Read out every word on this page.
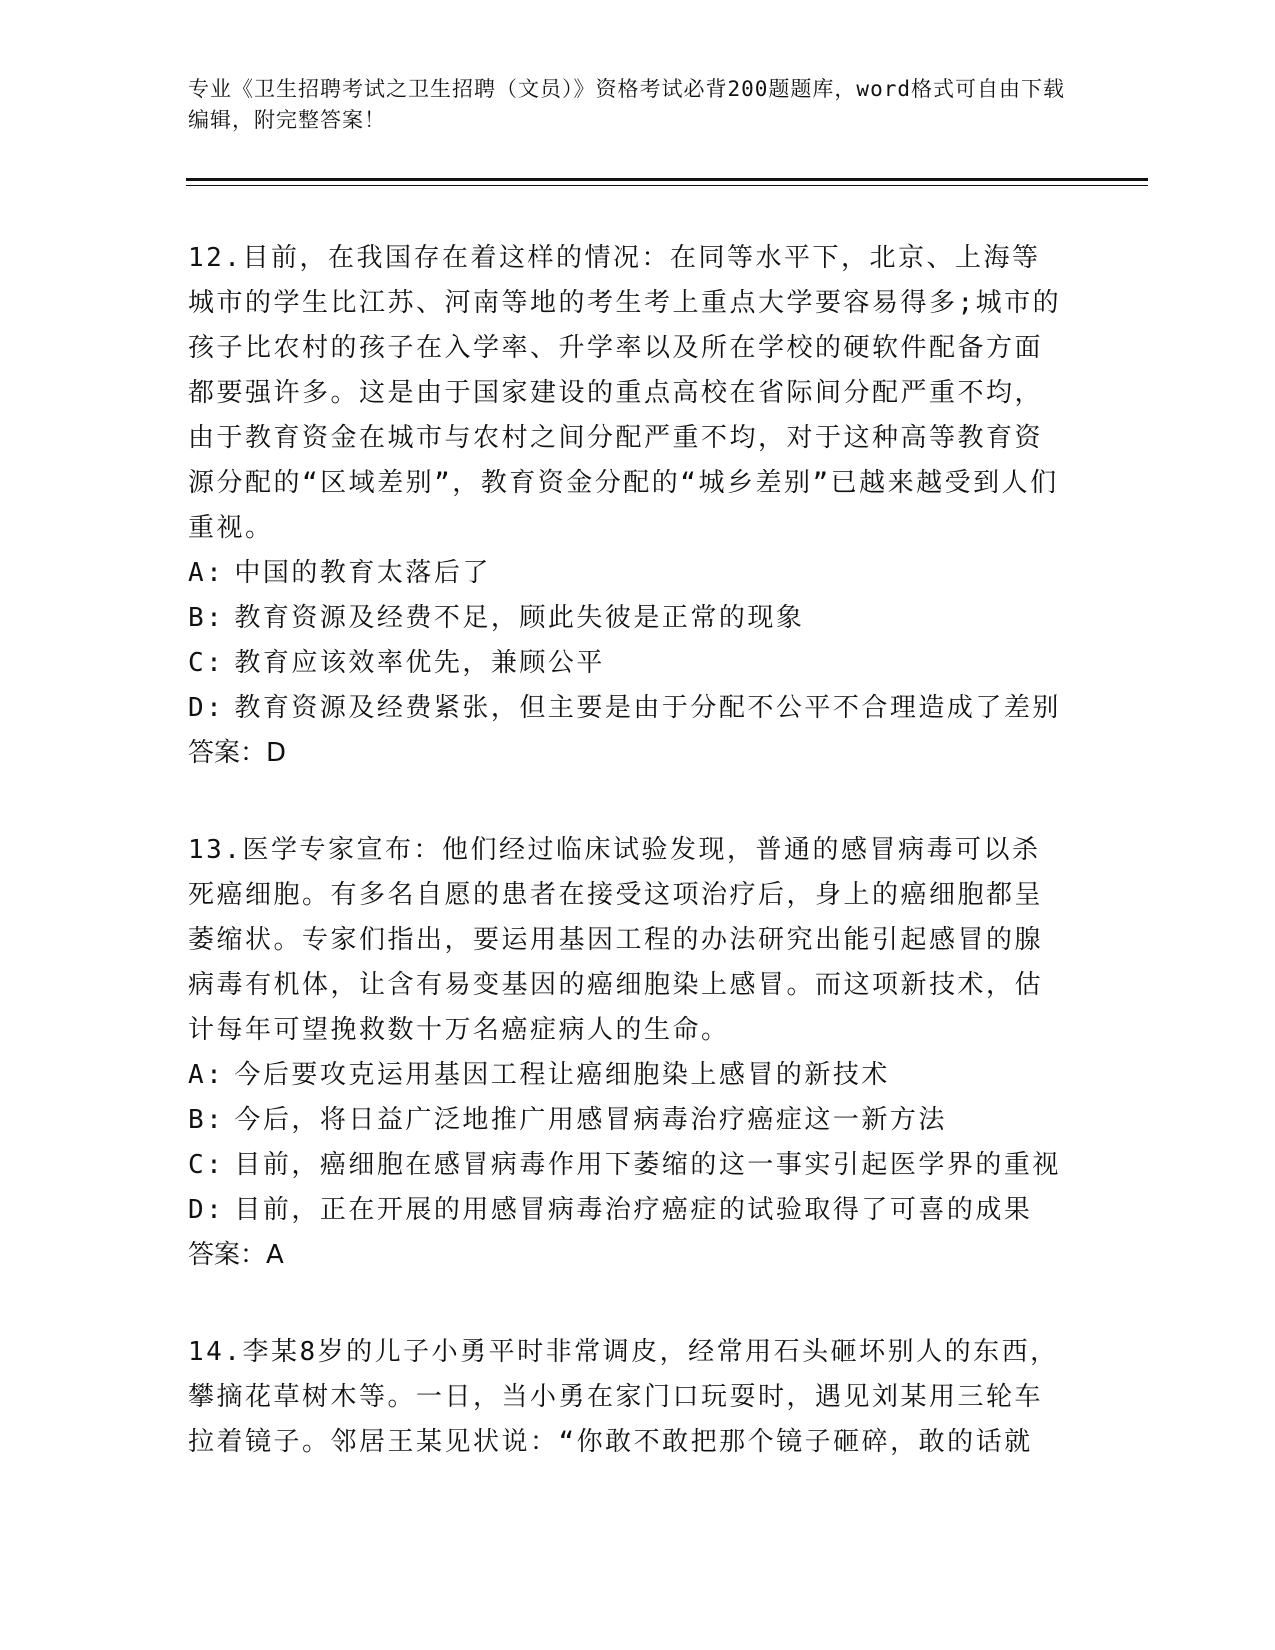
专业《卫生招聘考试之卫生招聘（文员）》资格考试必背200题题库，word格式可自由下载编辑，附完整答案！
12.目前，在我国存在着这样的情况：在同等水平下，北京、上海等城市的学生比江苏、河南等地的考生考上重点大学要容易得多;城市的孩子比农村的孩子在入学率、升学率以及所在学校的硬软件配备方面都要强许多。这是由于国家建设的重点高校在省际间分配严重不均，由于教育资金在城市与农村之间分配严重不均，对于这种高等教育资源分配的“区域差别”，教育资金分配的“城乡差别”已越来越受到人们重视。
A: 中国的教育太落后了
B: 教育资源及经费不足，顾此失彼是正常的现象
C: 教育应该效率优先，兼顾公平
D: 教育资源及经费紧张，但主要是由于分配不公平不合理造成了差别
答案：D
13.医学专家宣布：他们经过临床试验发现，普通的感冒病毒可以杀死癌细胞。有多名自愿的患者在接受这项治疗后，身上的癌细胞都呈萎缩状。专家们指出，要运用基因工程的办法研究出能引起感冒的腺病毒有机体，让含有易变基因的癌细胞染上感冒。而这项新技术，估计每年可望挽救数十万名癌症病人的生命。
A: 今后要攻克运用基因工程让癌细胞染上感冒的新技术
B: 今后，将日益广泛地推广用感冒病毒治疗癌症这一新方法
C: 目前，癌细胞在感冒病毒作用下萎缩的这一事实引起医学界的重视
D: 目前，正在开展的用感冒病毒治疗癌症的试验取得了可喜的成果
答案：A
14.李某8岁的儿子小勇平时非常调皮，经常用石头砸坏别人的东西，攀摘花草树木等。一日，当小勇在家门口玩耍时，遇见刘某用三轮车拉着镜子。邻居王某见状说：“你敢不敢把那个镜子砸碎，敢的话就
